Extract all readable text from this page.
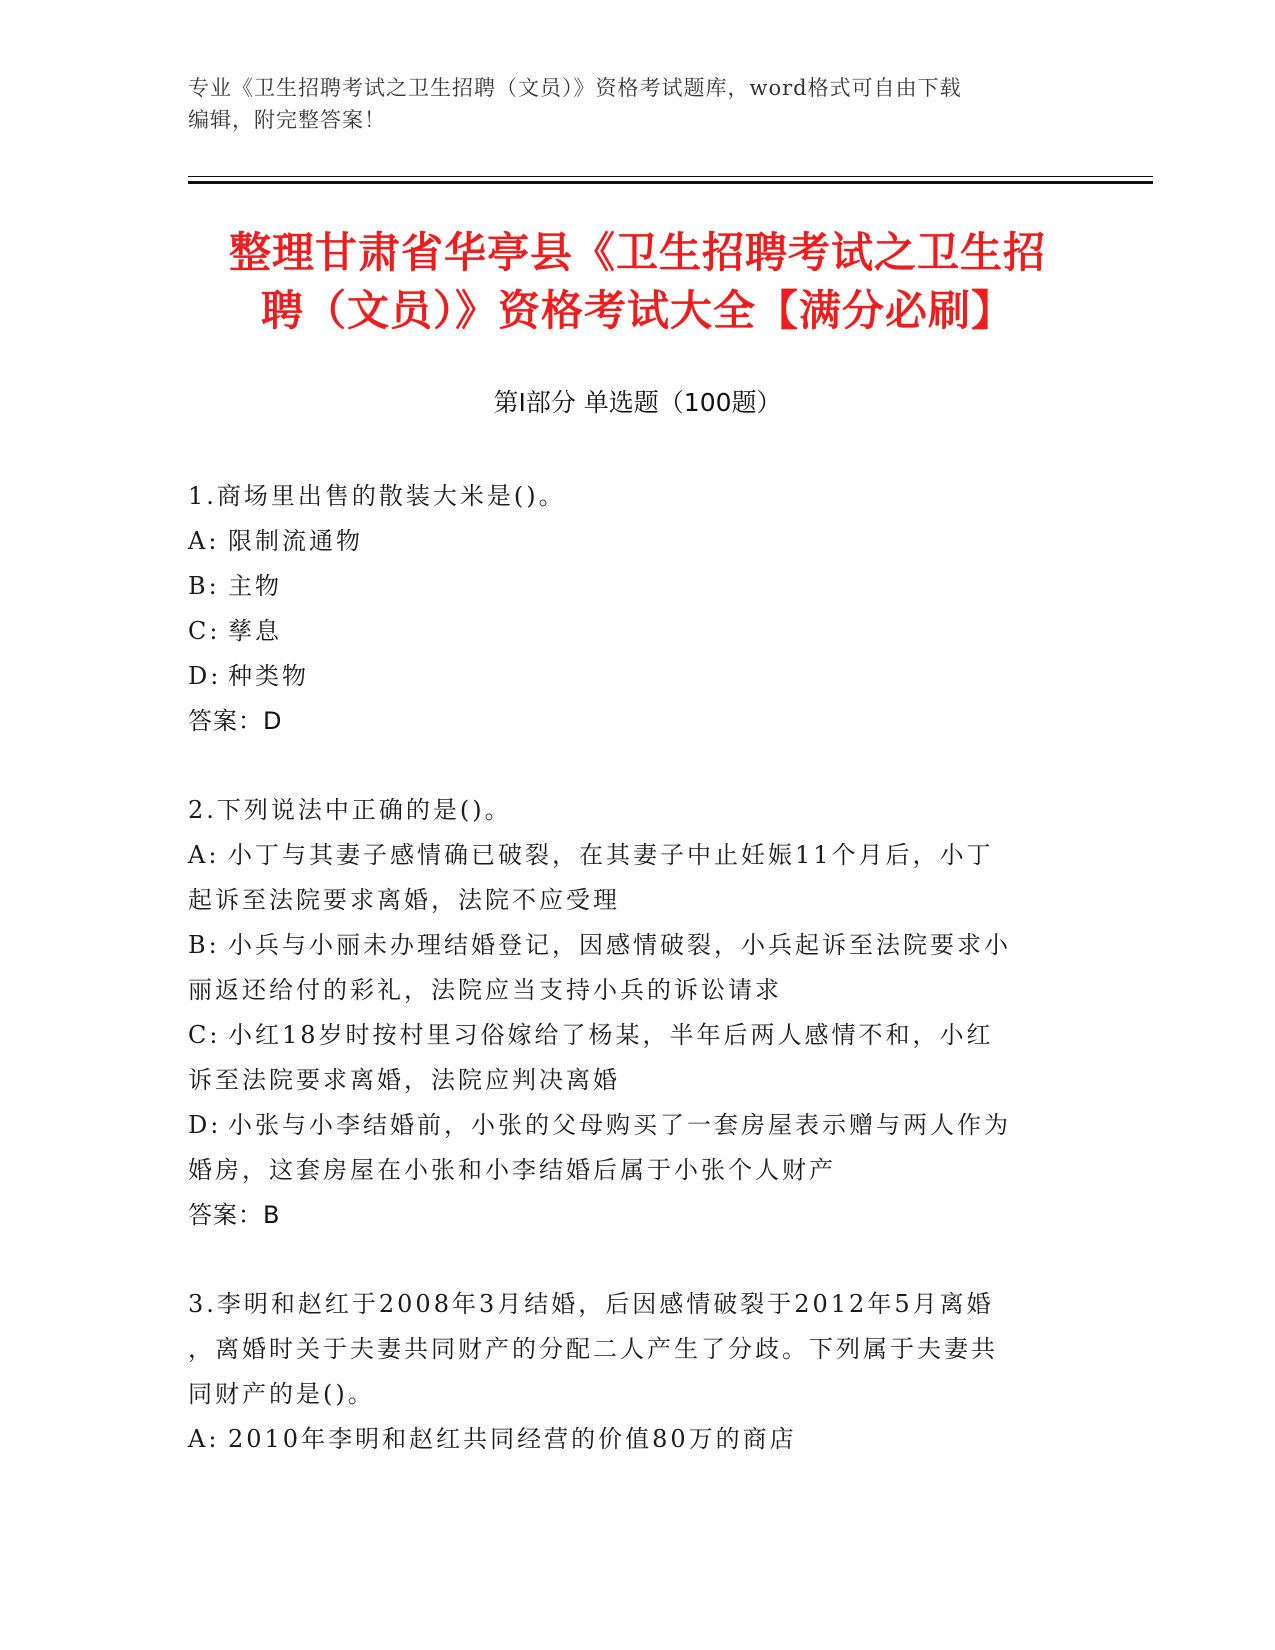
专业《卫生招聘考试之卫生招聘（文员）》资格考试题库，word格式可自由下载
编辑，附完整答案！
整理甘肃省华亭县《卫生招聘考试之卫生招
聘（文员）》资格考试大全【满分必刷】
第Ⅰ部分 单选题（100题）
1.商场里出售的散装大米是()。
A: 限制流通物
B: 主物
C: 孳息
D: 种类物
答案：D
2.下列说法中正确的是()。
A: 小丁与其妻子感情确已破裂，在其妻子中止妊娠11个月后，小丁
起诉至法院要求离婚，法院不应受理
B: 小兵与小丽未办理结婚登记，因感情破裂，小兵起诉至法院要求小
丽返还给付的彩礼，法院应当支持小兵的诉讼请求
C: 小红18岁时按村里习俗嫁给了杨某，半年后两人感情不和，小红
诉至法院要求离婚，法院应判决离婚
D: 小张与小李结婚前，小张的父母购买了一套房屋表示赠与两人作为
婚房，这套房屋在小张和小李结婚后属于小张个人财产
答案：B
3.李明和赵红于2008年3月结婚，后因感情破裂于2012年5月离婚
，离婚时关于夫妻共同财产的分配二人产生了分歧。下列属于夫妻共
同财产的是()。
A: 2010年李明和赵红共同经营的价值80万的商店
